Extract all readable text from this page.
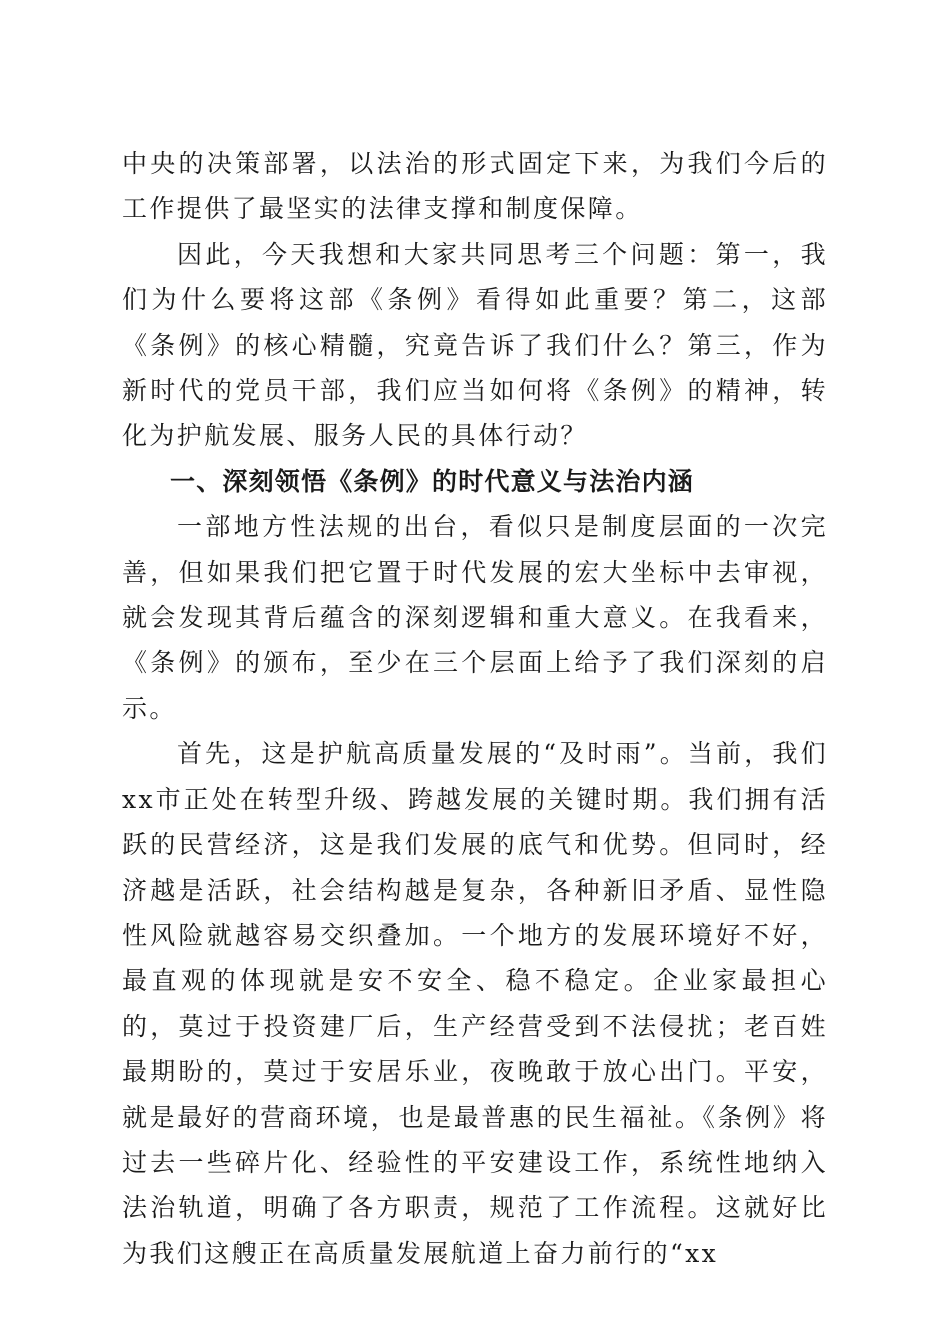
中央的决策部署，以法治的形式固定下来，为我们今后的工作提供了最坚实的法律支撑和制度保障。

因此，今天我想和大家共同思考三个问题：第一，我们为什么要将这部《条例》看得如此重要？第二，这部《条例》的核心精髓，究竟告诉了我们什么？第三，作为新时代的党员干部，我们应当如何将《条例》的精神，转化为护航发展、服务人民的具体行动？

一、深刻领悟《条例》的时代意义与法治内涵

一部地方性法规的出台，看似只是制度层面的一次完善，但如果我们把它置于时代发展的宏大坐标中去审视，就会发现其背后蕴含的深刻逻辑和重大意义。在我看来，《条例》的颁布，至少在三个层面上给予了我们深刻的启示。

首先，这是护航高质量发展的“及时雨”。当前，我们xx市正处在转型升级、跨越发展的关键时期。我们拥有活跃的民营经济，这是我们发展的底气和优势。但同时，经济越是活跃，社会结构越是复杂，各种新旧矛盾、显性隐性风险就越容易交织叠加。一个地方的发展环境好不好，最直观的体现就是安不安全、稳不稳定。企业家最担心的，莫过于投资建厂后，生产经营受到不法侵扰；老百姓最期盼的，莫过于安居乐业，夜晚敢于放心出门。平安，就是最好的营商环境，也是最普惠的民生福祉。《条例》将过去一些碎片化、经验性的平安建设工作，系统性地纳入法治轨道，明确了各方职责，规范了工作流程。这就好比为我们这艘正在高质量发展航道上奋力前行的“xx
